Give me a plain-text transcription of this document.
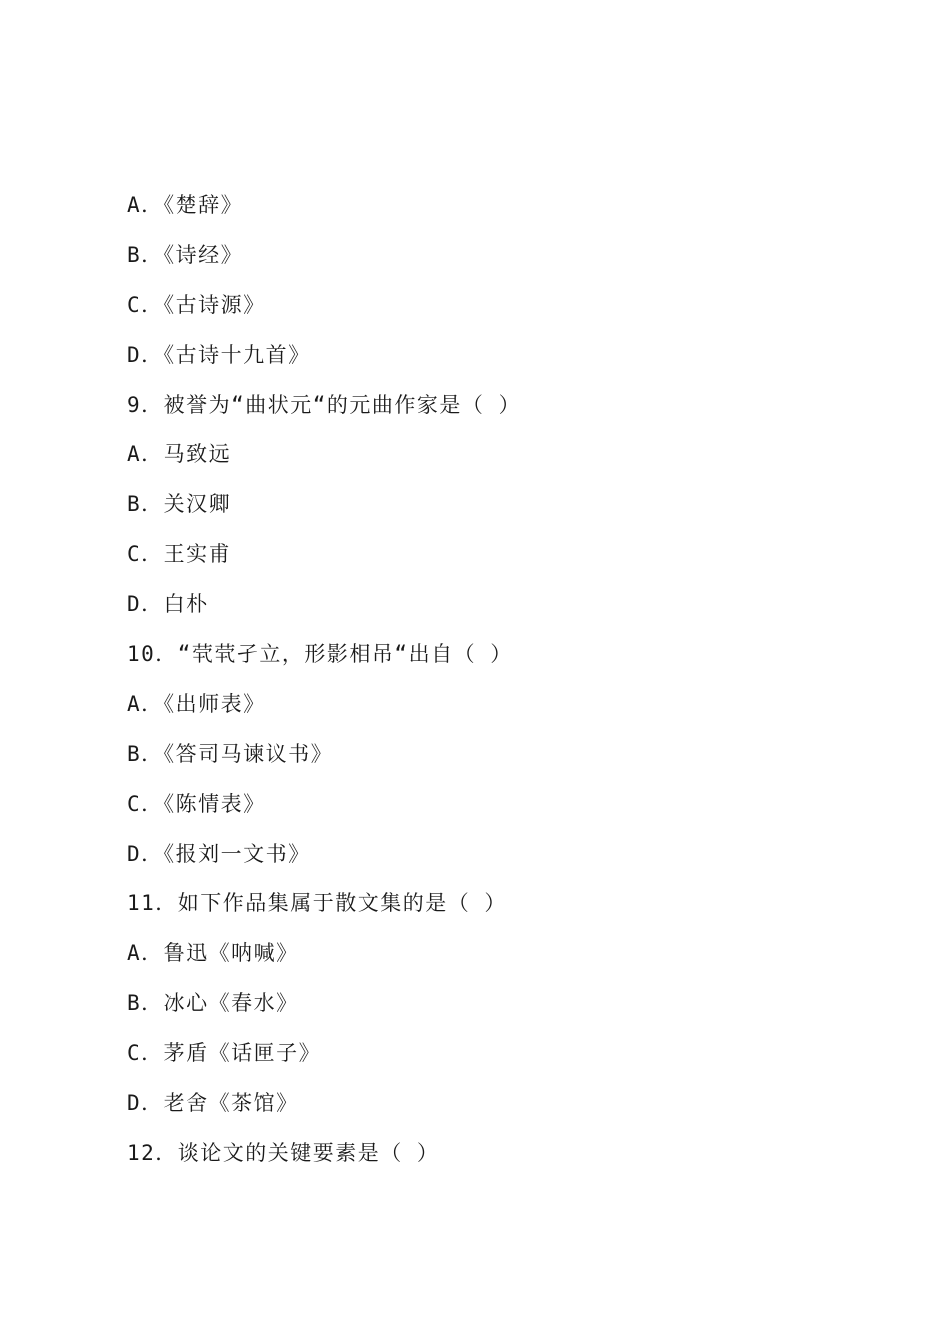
A．《楚辞》
B．《诗经》
C．《古诗源》
D．《古诗十九首》
9．被誉为“曲状元“的元曲作家是（ ）
A．马致远
B．关汉卿
C．王实甫
D．白朴
10．“茕茕孑立，形影相吊“出自（ ）
A．《出师表》
B．《答司马谏议书》
C．《陈情表》
D．《报刘一文书》
11．如下作品集属于散文集的是（ ）
A．鲁迅《呐喊》
B．冰心《春水》
C．茅盾《话匣子》
D．老舍《茶馆》
12．谈论文的关键要素是（ ）
